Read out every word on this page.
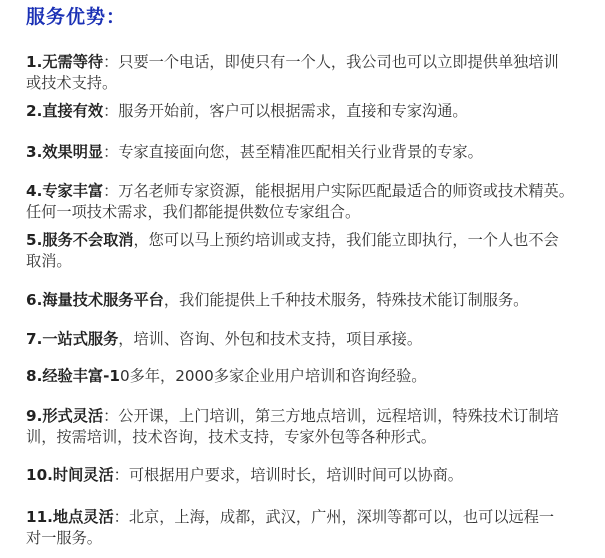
服务优势：
1.无需等待：只要一个电话，即使只有一个人，我公司也可以立即提供单独培训
或技术支持。
2.直接有效：服务开始前，客户可以根据需求，直接和专家沟通。
3.效果明显：专家直接面向您，甚至精准匹配相关行业背景的专家。
4.专家丰富：万名老师专家资源，能根据用户实际匹配最适合的师资或技术精英。
任何一项技术需求，我们都能提供数位专家组合。
5.服务不会取消，您可以马上预约培训或支持，我们能立即执行，一个人也不会
取消。
6.海量技术服务平台，我们能提供上千种技术服务，特殊技术能订制服务。
7.一站式服务，培训、咨询、外包和技术支持，项目承接。
8.经验丰富-10多年，2000多家企业用户培训和咨询经验。
9.形式灵活：公开课，上门培训，第三方地点培训，远程培训，特殊技术订制培
训，按需培训，技术咨询，技术支持，专家外包等各种形式。
10.时间灵活：可根据用户要求，培训时长，培训时间可以协商。
11.地点灵活：北京，上海，成都，武汉，广州，深圳等都可以，也可以远程一
对一服务。
